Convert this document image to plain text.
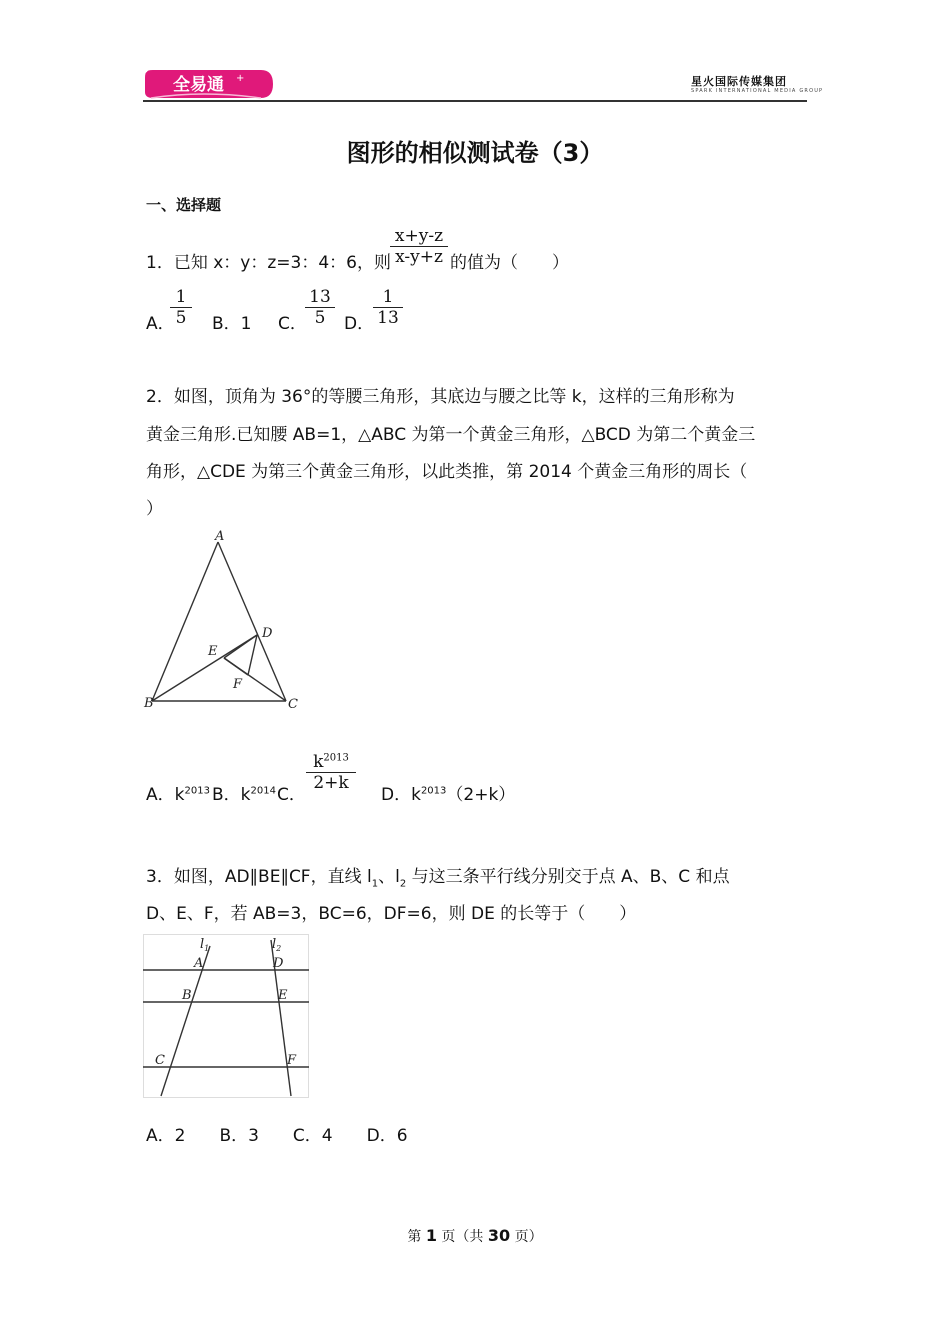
全易通 +	星火国际传媒集团
SPARK INTERNATIONAL MEDIA GROUP
图形的相似测试卷（3）
一、选择题
1．已知 x：y：z=3：4：6，则
x+y-z
x-y+z 的值为（　　）
A．
1
5	B．1 C．
13
5	D．
1
13
2．如图，顶角为 36°的等腰三角形，其底边与腰之比等 k，这样的三角形称为
黄金三角形.已知腰 AB=1，△ABC 为第一个黄金三角形，△BCD 为第二个黄金三
角形，△CDE 为第三个黄金三角形，以此类推，第 2014 个黄金三角形的周长（
）
A
B	C
D
E
F
A．$k^{2013}$ B．$k^{2014}$ C．
$k^{2013}$
2+k
D．$k^{2013}(2+k)$
3．如图，AD∥BE∥CF，直线 $l_1$、$l_2$ 与这三条平行线分别交于点 A、B、C 和点
D、E、F，若 AB=3，BC=6，DF=6，则 DE 的长等于（　　）
$l_1$	$l_2$
A
B
C
D
E
F
A．2　　B．3　　C．4　　D．6
第 1 页（共 30 页）
